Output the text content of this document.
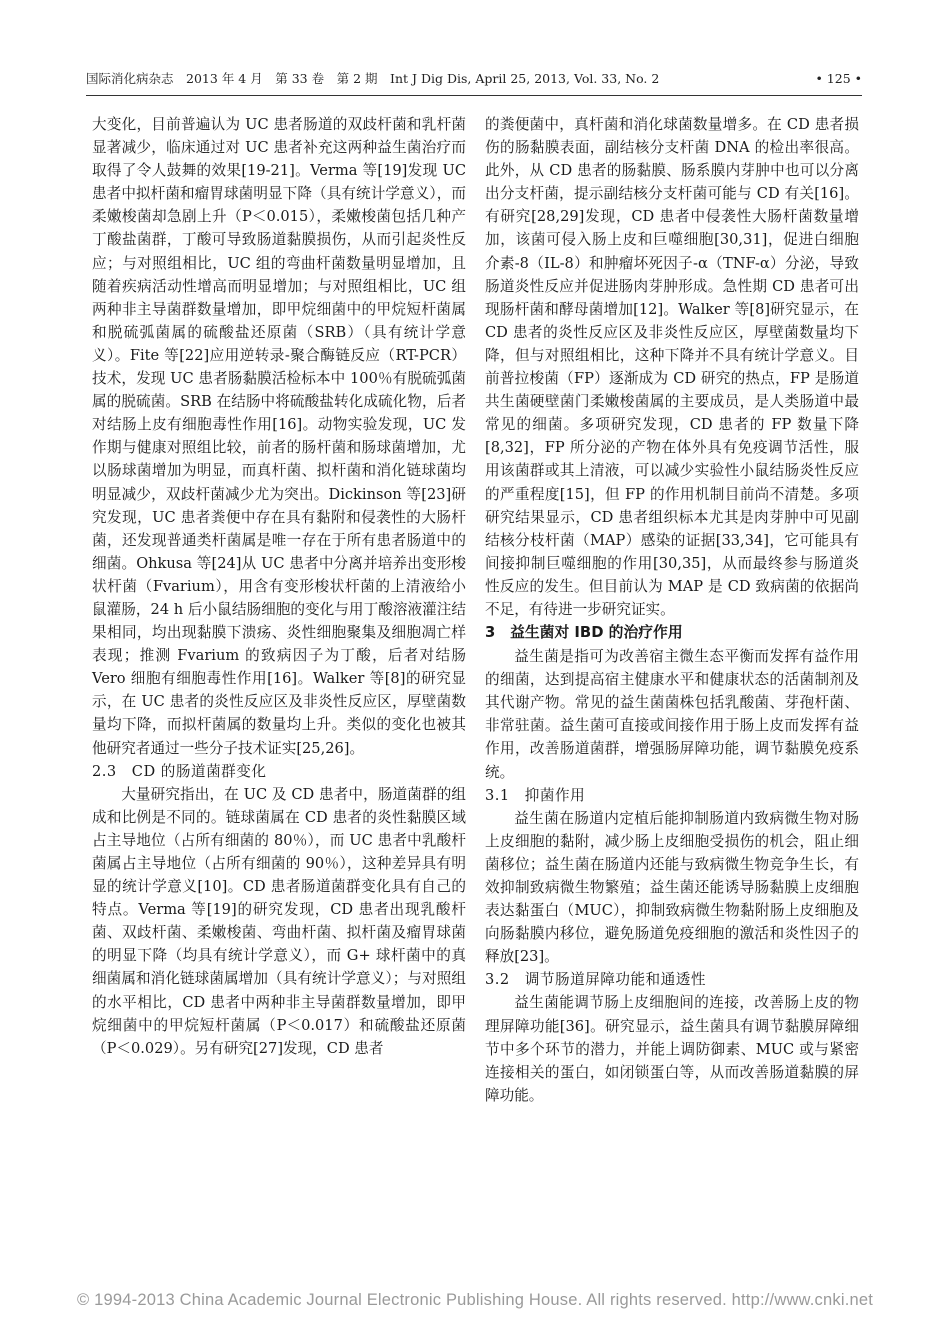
国际消化病杂志　 2013 年 4 月　 第 33 卷　 第 2 期　 Int J Dig Dis, April 25, 2013, Vol. 33, No. 2	• 125 •

大变化，目前普遍认为 UC 患者肠道的双歧杆菌和乳杆菌显著减少，临床通过对 UC 患者补充这两种益生菌治疗而取得了令人鼓舞的效果[19-21]。Verma 等[19]发现 UC 患者中拟杆菌和瘤胃球菌明显下降（具有统计学意义），而柔嫩梭菌却急剧上升（P＜0.015），柔嫩梭菌包括几种产丁酸盐菌群，丁酸可导致肠道黏膜损伤，从而引起炎性反应；与对照组相比，UC 组的弯曲杆菌数量明显增加，且随着疾病活动性增高而明显增加；与对照组相比，UC 组两种非主导菌群数量增加，即甲烷细菌中的甲烷短杆菌属和脱硫弧菌属的硫酸盐还原菌（SRB）（具有统计学意义）。Fite 等[22]应用逆转录-聚合酶链反应（RT-PCR）技术，发现 UC 患者肠黏膜活检标本中 100％有脱硫弧菌属的脱硫菌。SRB 在结肠中将硫酸盐转化成硫化物，后者对结肠上皮有细胞毒性作用[16]。动物实验发现，UC 发作期与健康对照组比较，前者的肠杆菌和肠球菌增加，尤以肠球菌增加为明显，而真杆菌、拟杆菌和消化链球菌均明显减少，双歧杆菌减少尤为突出。Dickinson 等[23]研究发现，UC 患者粪便中存在具有黏附和侵袭性的大肠杆菌，还发现普通类杆菌属是唯一存在于所有患者肠道中的细菌。Ohkusa 等[24]从 UC 患者中分离并培养出变形梭状杆菌（Fvarium），用含有变形梭状杆菌的上清液给小鼠灌肠，24 h 后小鼠结肠细胞的变化与用丁酸溶液灌注结果相同，均出现黏膜下溃疡、炎性细胞聚集及细胞凋亡样表现；推测 Fvarium 的致病因子为丁酸，后者对结肠 Vero 细胞有细胞毒性作用[16]。Walker 等[8]的研究显示，在 UC 患者的炎性反应区及非炎性反应区，厚壁菌数量均下降，而拟杆菌属的数量均上升。类似的变化也被其他研究者通过一些分子技术证实[25,26]。

2.3　CD 的肠道菌群变化

大量研究指出，在 UC 及 CD 患者中，肠道菌群的组成和比例是不同的。链球菌属在 CD 患者的炎性黏膜区域占主导地位（占所有细菌的 80％），而 UC 患者中乳酸杆菌属占主导地位（占所有细菌的 90％），这种差异具有明显的统计学意义[10]。CD 患者肠道菌群变化具有自己的特点。Verma 等[19]的研究发现，CD 患者出现乳酸杆菌、双歧杆菌、柔嫩梭菌、弯曲杆菌、拟杆菌及瘤胃球菌的明显下降（均具有统计学意义），而 G+ 球杆菌中的真细菌属和消化链球菌属增加（具有统计学意义）；与对照组的水平相比，CD 患者中两种非主导菌群数量增加，即甲烷细菌中的甲烷短杆菌属（P＜0.017）和硫酸盐还原菌（P＜0.029）。另有研究[27]发现，CD 患者

的粪便菌中，真杆菌和消化球菌数量增多。在 CD 患者损伤的肠黏膜表面，副结核分支杆菌 DNA 的检出率很高。此外，从 CD 患者的肠黏膜、肠系膜内芽肿中也可以分离出分支杆菌，提示副结核分支杆菌可能与 CD 有关[16]。有研究[28,29]发现，CD 患者中侵袭性大肠杆菌数量增加，该菌可侵入肠上皮和巨噬细胞[30,31]，促进白细胞介素-8（IL-8）和肿瘤坏死因子-α（TNF-α）分泌，导致肠道炎性反应并促进肠肉芽肿形成。急性期 CD 患者可出现肠杆菌和酵母菌增加[12]。Walker 等[8]研究显示，在 CD 患者的炎性反应区及非炎性反应区，厚壁菌数量均下降，但与对照组相比，这种下降并不具有统计学意义。目前普拉梭菌（FP）逐渐成为 CD 研究的热点，FP 是肠道共生菌硬壁菌门柔嫩梭菌属的主要成员，是人类肠道中最常见的细菌。多项研究发现，CD 患者的 FP 数量下降[8,32]，FP 所分泌的产物在体外具有免疫调节活性，服用该菌群或其上清液，可以减少实验性小鼠结肠炎性反应的严重程度[15]，但 FP 的作用机制目前尚不清楚。多项研究结果显示，CD 患者组织标本尤其是肉芽肿中可见副结核分枝杆菌（MAP）感染的证据[33,34]，它可能具有间接抑制巨噬细胞的作用[30,35]，从而最终参与肠道炎性反应的发生。但目前认为 MAP 是 CD 致病菌的依据尚不足，有待进一步研究证实。

3　益生菌对 IBD 的治疗作用

益生菌是指可为改善宿主微生态平衡而发挥有益作用的细菌，达到提高宿主健康水平和健康状态的活菌制剂及其代谢产物。常见的益生菌菌株包括乳酸菌、芽孢杆菌、非常驻菌。益生菌可直接或间接作用于肠上皮而发挥有益作用，改善肠道菌群，增强肠屏障功能，调节黏膜免疫系统。

3.1　抑菌作用

益生菌在肠道内定植后能抑制肠道内致病微生物对肠上皮细胞的黏附，减少肠上皮细胞受损伤的机会，阻止细菌移位；益生菌在肠道内还能与致病微生物竞争生长，有效抑制致病微生物繁殖；益生菌还能诱导肠黏膜上皮细胞表达黏蛋白（MUC），抑制致病微生物黏附肠上皮细胞及向肠黏膜内移位，避免肠道免疫细胞的激活和炎性因子的释放[23]。

3.2　调节肠道屏障功能和通透性

益生菌能调节肠上皮细胞间的连接，改善肠上皮的物理屏障功能[36]。研究显示，益生菌具有调节黏膜屏障细节中多个环节的潜力，并能上调防御素、MUC 或与紧密连接相关的蛋白，如闭锁蛋白等，从而改善肠道黏膜的屏障功能。

© 1994-2013 China Academic Journal Electronic Publishing House. All rights reserved. http://www.cnki.net
